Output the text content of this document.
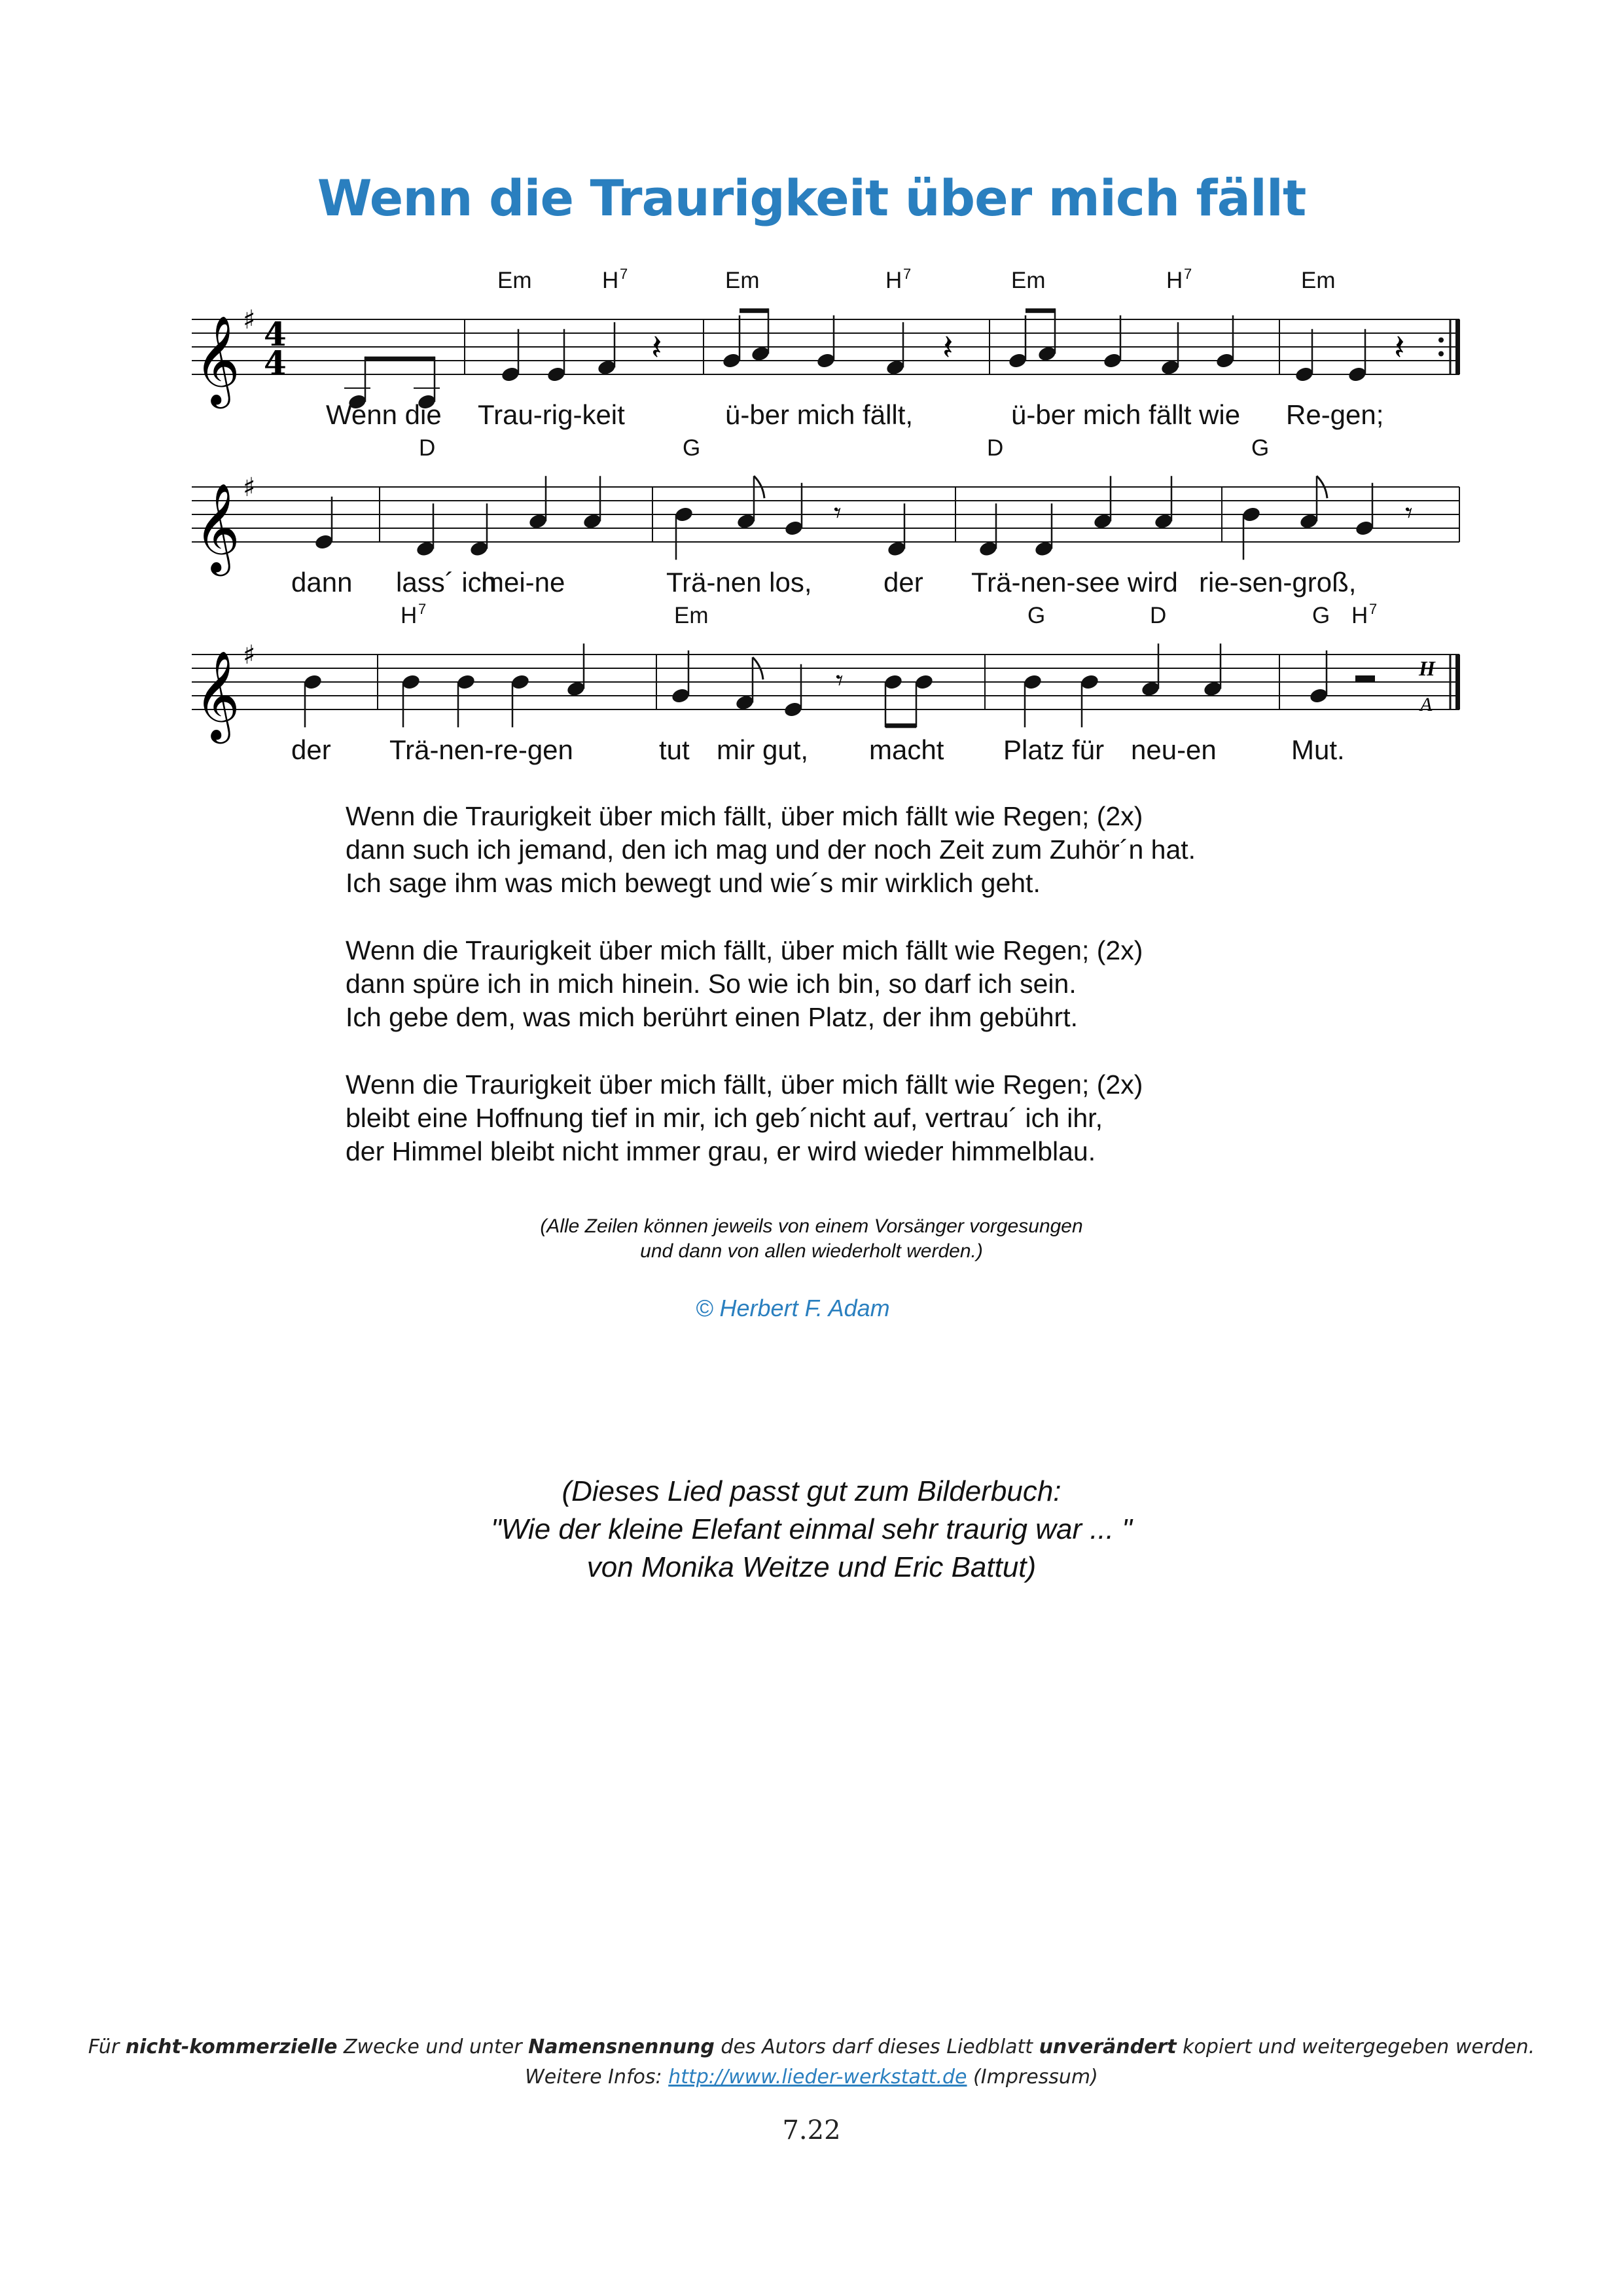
Wenn die Traurigkeit über mich fällt
𝄞 ♯ 4
4	𝄽	𝄽	𝄽
Em	H 7	Em	H 7	Em	H 7	Em
Wenn die Trau-rig-keit	ü-ber mich fällt,	ü-ber mich fällt wie Re-gen;
𝄞 ♯
𝄾	𝄾
D	G	D	G
dann lass´ ich
mei-ne	Trä-nen los,	der Trä-nen-see wird rie-sen-groß,
𝄞 ♯	H
A
𝄾
H 7	Em	G	D	G H 7
der Trä-nen-re-gen	tut mir gut, macht Platz für neu-en	Mut.
Wenn die Traurigkeit über mich fällt, über mich fällt wie Regen; (2x)
dann such ich jemand, den ich mag und der noch Zeit zum Zuhör´n hat.
Ich sage ihm was mich bewegt und wie´s mir wirklich geht.
Wenn die Traurigkeit über mich fällt, über mich fällt wie Regen; (2x)
dann spüre ich in mich hinein. So wie ich bin, so darf ich sein.
Ich gebe dem, was mich berührt einen Platz, der ihm gebührt.
Wenn die Traurigkeit über mich fällt, über mich fällt wie Regen; (2x)
bleibt eine Hoffnung tief in mir, ich geb´nicht auf, vertrau´ ich ihr,
der Himmel bleibt nicht immer grau, er wird wieder himmelblau.
(Alle Zeilen können jeweils von einem Vorsänger vorgesungen
und dann von allen wiederholt werden.)
© Herbert F. Adam
(Dieses Lied passt gut zum Bilderbuch:
"Wie der kleine Elefant einmal sehr traurig war ... "
von Monika Weitze und Eric Battut)
Für nicht-kommerzielle Zwecke und unter Namensnennung des Autors darf dieses Liedblatt unverändert kopiert und weitergegeben werden.
Weitere Infos: http://www.lieder-werkstatt.de (Impressum)
7.22
